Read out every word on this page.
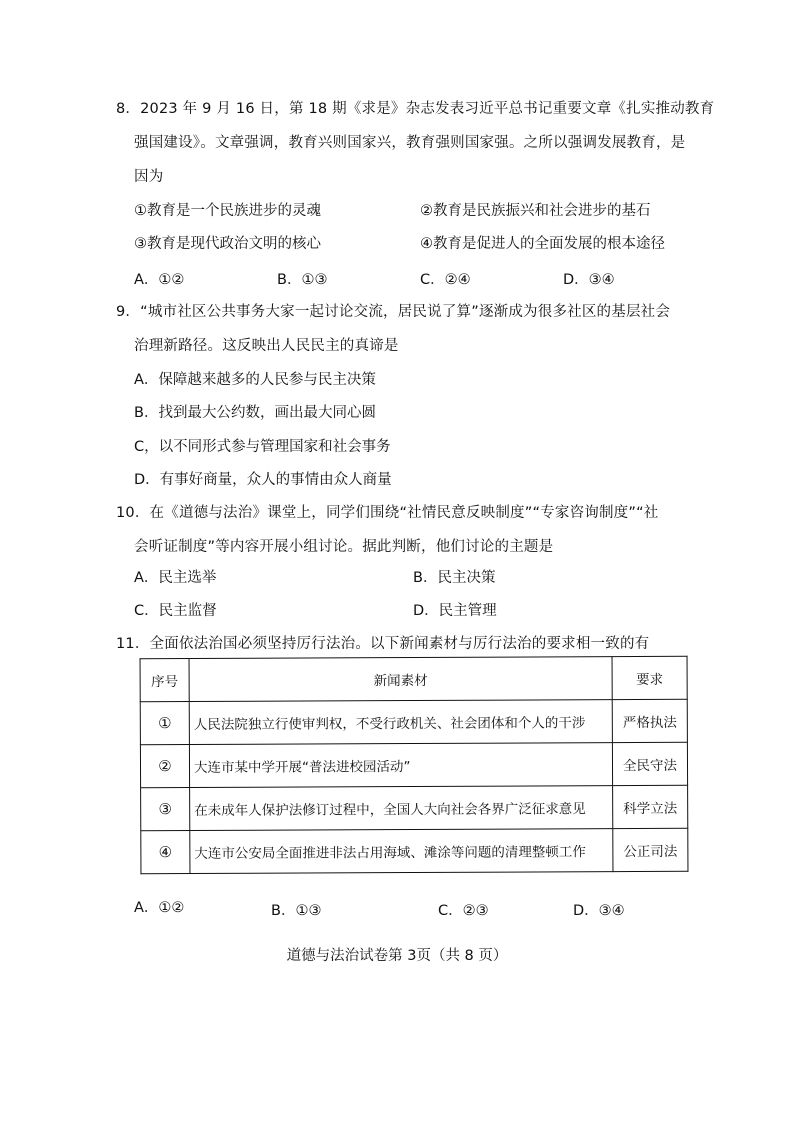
8．2023 年 9 月 16 日，第 18 期《求是》杂志发表习近平总书记重要文章《扎实推动教育
强国建设》。文章强调，教育兴则国家兴，教育强则国家强。之所以强调发展教育，是
因为
①教育是一个民族进步的灵魂	②教育是民族振兴和社会进步的基石
③教育是现代政治文明的核心	④教育是促进人的全面发展的根本途径
A．①②	B．①③	C．②④	D．③④
9．“城市社区公共事务大家一起讨论交流，居民说了算”逐渐成为很多社区的基层社会
治理新路径。这反映出人民民主的真谛是
A．保障越来越多的人民参与民主决策
B．找到最大公约数，画出最大同心圆
C，以不同形式参与管理国家和社会事务
D．有事好商量，众人的事情由众人商量
10．在《道德与法治》课堂上，同学们围绕“社情民意反映制度”“专家咨询制度”“社
会听证制度”等内容开展小组讨论。据此判断，他们讨论的主题是
A．民主选举	B．民主决策
C．民主监督	D．民主管理
11．全面依法治国必须坚持厉行法治。以下新闻素材与厉行法治的要求相一致的有
序号	新闻素材	要求
①	人民法院独立行使审判权，不受行政机关、社会团体和个人的干涉	严格执法
②	大连市某中学开展“普法进校园活动”	全民守法
③	在未成年人保护法修订过程中，全国人大向社会各界广泛征求意见	科学立法
④	大连市公安局全面推进非法占用海域、滩涂等问题的清理整顿工作	公正司法
A．①②	B．①③	C．②③	D．③④
道德与法治试卷第 3页（共 8 页）
